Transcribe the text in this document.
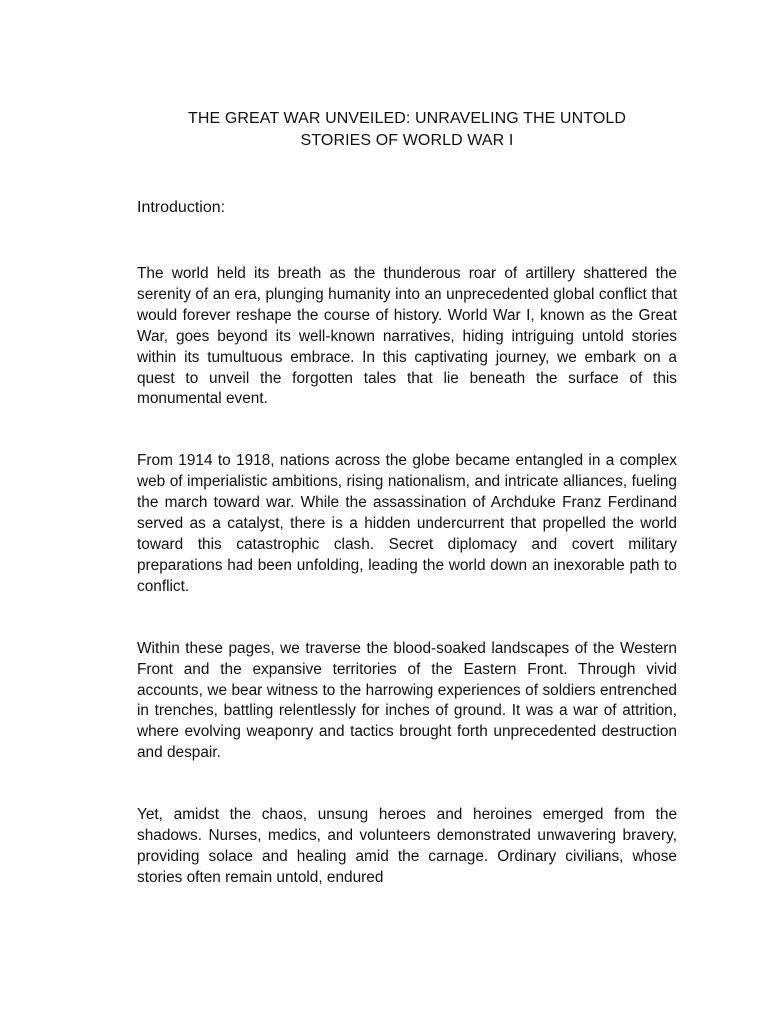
THE GREAT WAR UNVEILED: UNRAVELING THE UNTOLD
STORIES OF WORLD WAR I
Introduction:

The world held its breath as the thunderous roar of artillery shattered the serenity of an era, plunging humanity into an unprecedented global conflict that would forever reshape the course of history. World War I, known as the Great War, goes beyond its well-known narratives, hiding intriguing untold stories within its tumultuous embrace. In this captivating journey, we embark on a quest to unveil the forgotten tales that lie beneath the surface of this monumental event.

From 1914 to 1918, nations across the globe became entangled in a complex web of imperialistic ambitions, rising nationalism, and intricate alliances, fueling the march toward war. While the assassination of Archduke Franz Ferdinand served as a catalyst, there is a hidden undercurrent that propelled the world toward this catastrophic clash. Secret diplomacy and covert military preparations had been unfolding, leading the world down an inexorable path to conflict.

Within these pages, we traverse the blood-soaked landscapes of the Western Front and the expansive territories of the Eastern Front. Through vivid accounts, we bear witness to the harrowing experiences of soldiers entrenched in trenches, battling relentlessly for inches of ground. It was a war of attrition, where evolving weaponry and tactics brought forth unprecedented destruction and despair.

Yet, amidst the chaos, unsung heroes and heroines emerged from the shadows. Nurses, medics, and volunteers demonstrated unwavering bravery, providing solace and healing amid the carnage. Ordinary civilians, whose stories often remain untold, endured
